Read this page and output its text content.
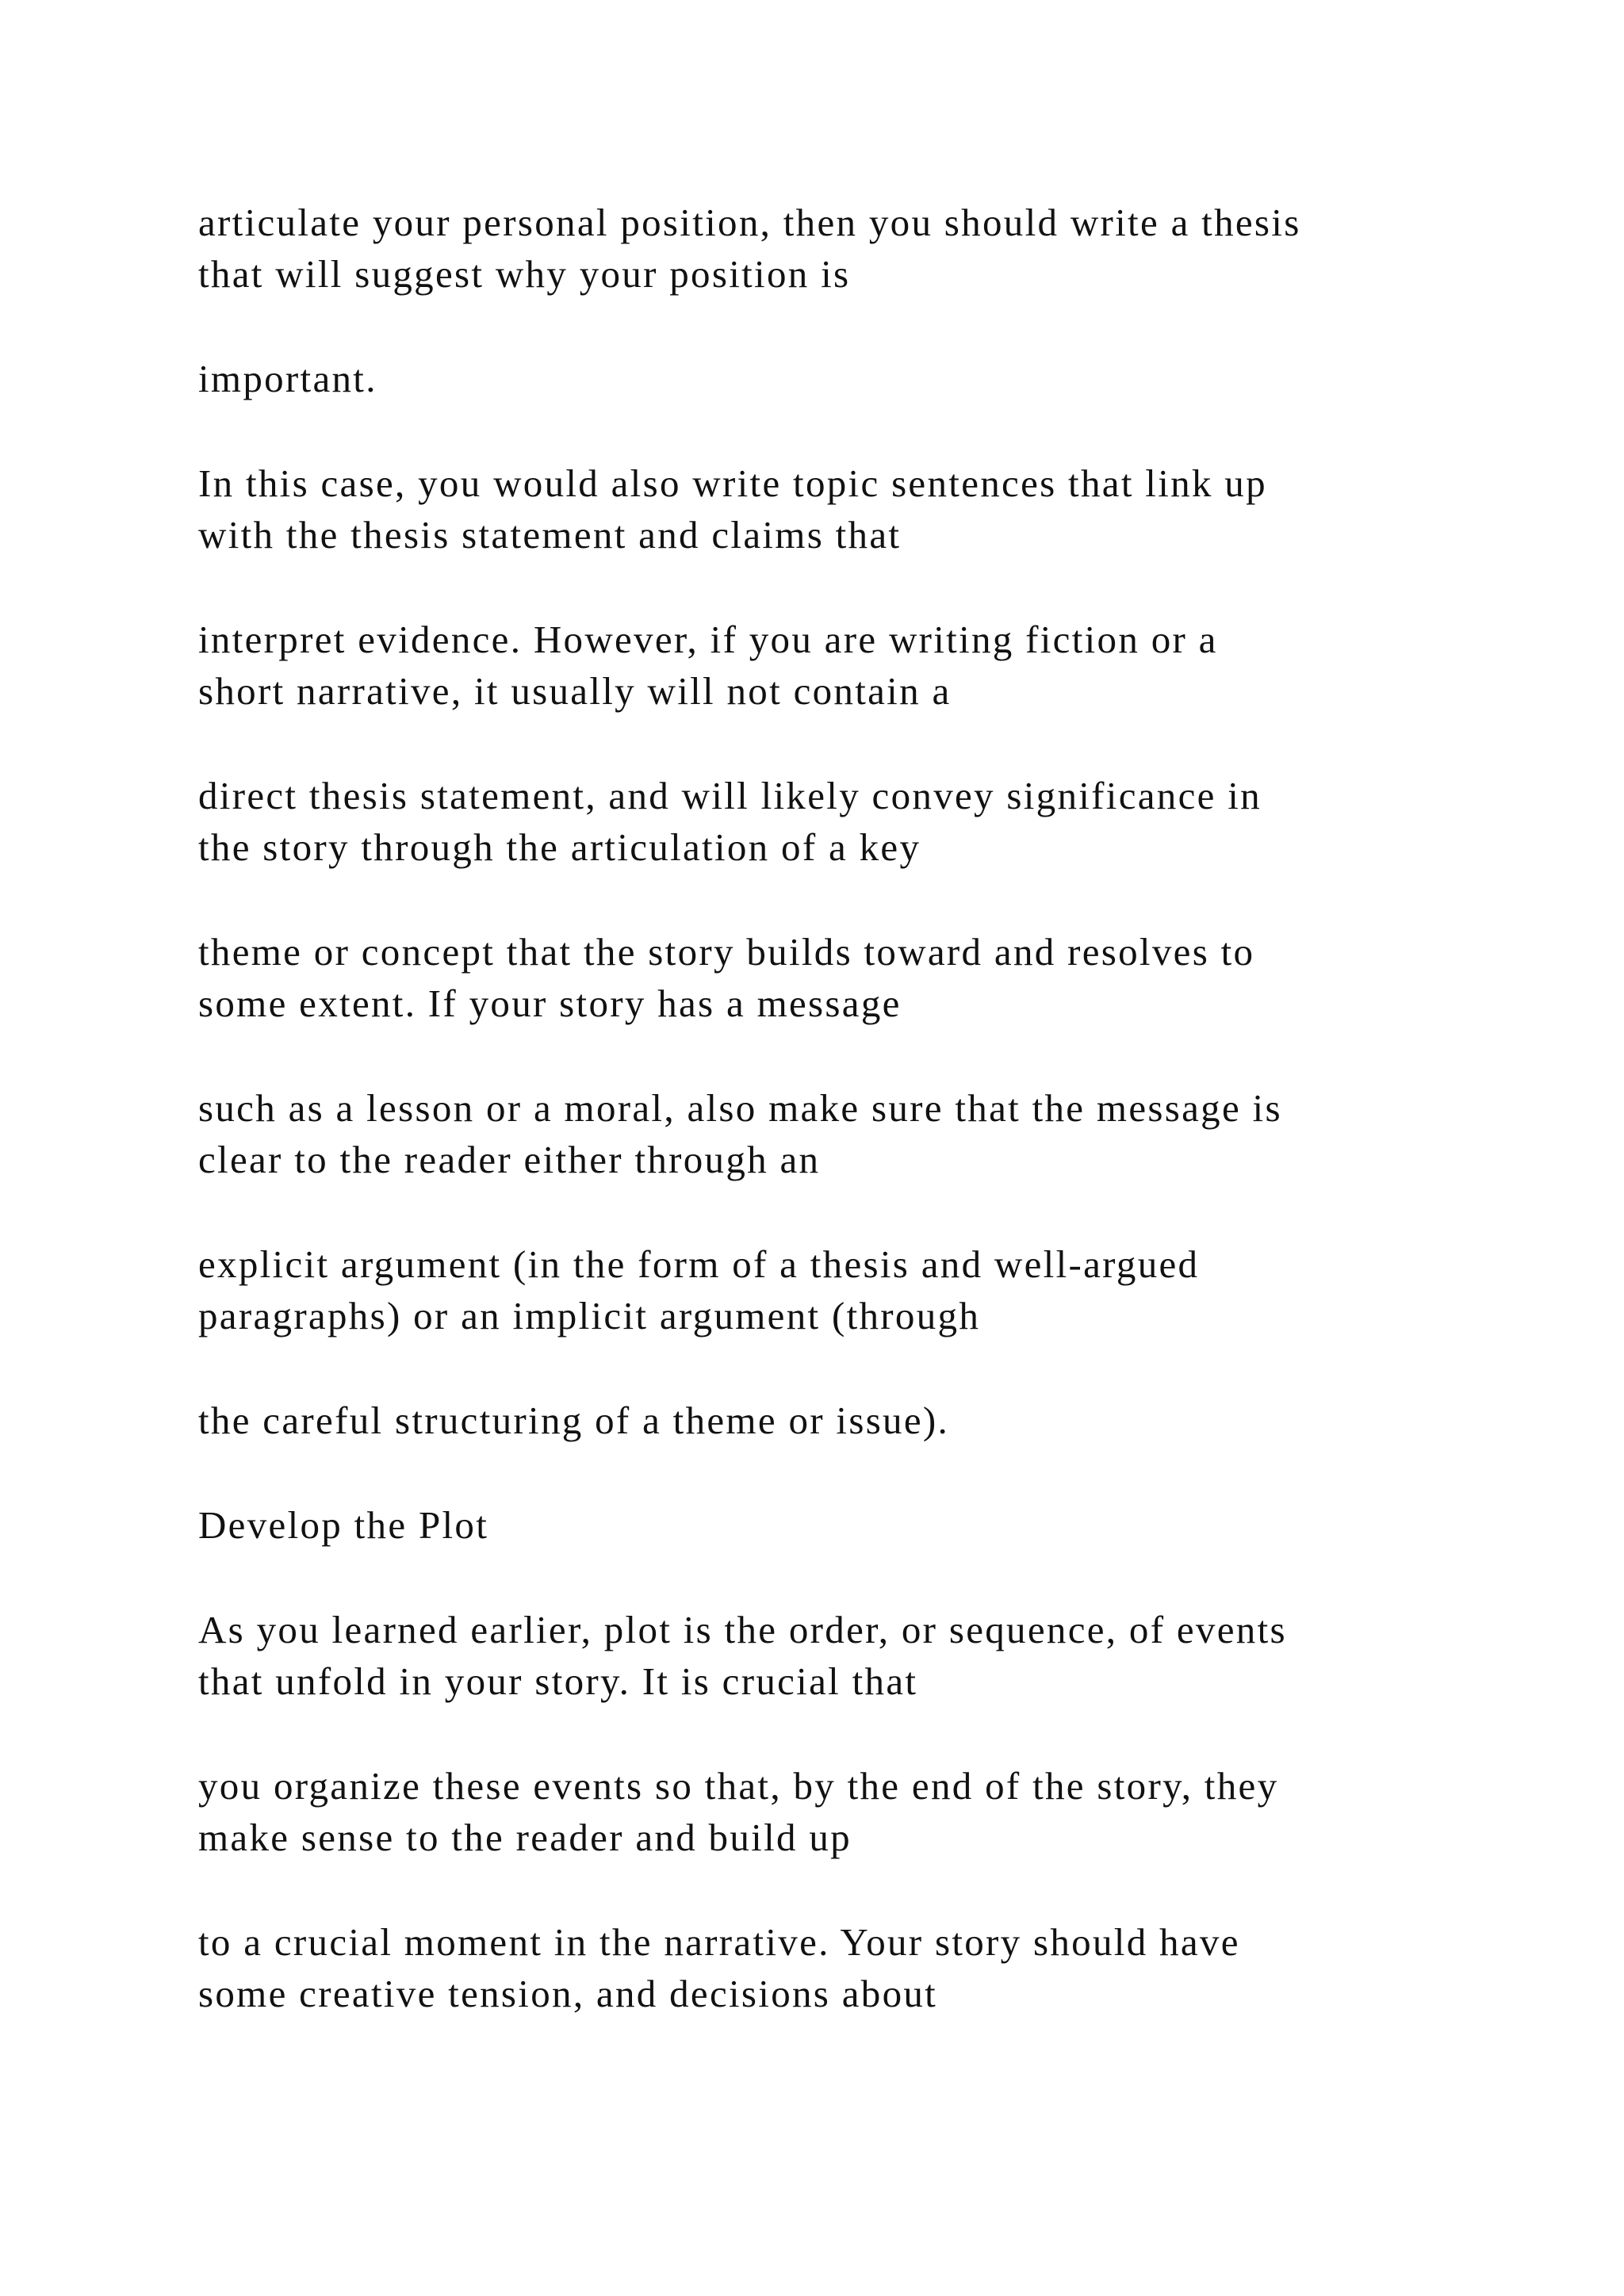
articulate your personal position, then you should write a thesis
that will suggest why your position is

important.

In this case, you would also write topic sentences that link up
with the thesis statement and claims that

interpret evidence. However, if you are writing fiction or a
short narrative, it usually will not contain a

direct thesis statement, and will likely convey significance in
the story through the articulation of a key

theme or concept that the story builds toward and resolves to
some extent. If your story has a message

such as a lesson or a moral, also make sure that the message is
clear to the reader either through an

explicit argument (in the form of a thesis and well-argued
paragraphs) or an implicit argument (through

the careful structuring of a theme or issue).

Develop the Plot

As you learned earlier, plot is the order, or sequence, of events
that unfold in your story. It is crucial that

you organize these events so that, by the end of the story, they
make sense to the reader and build up

to a crucial moment in the narrative. Your story should have
some creative tension, and decisions about
